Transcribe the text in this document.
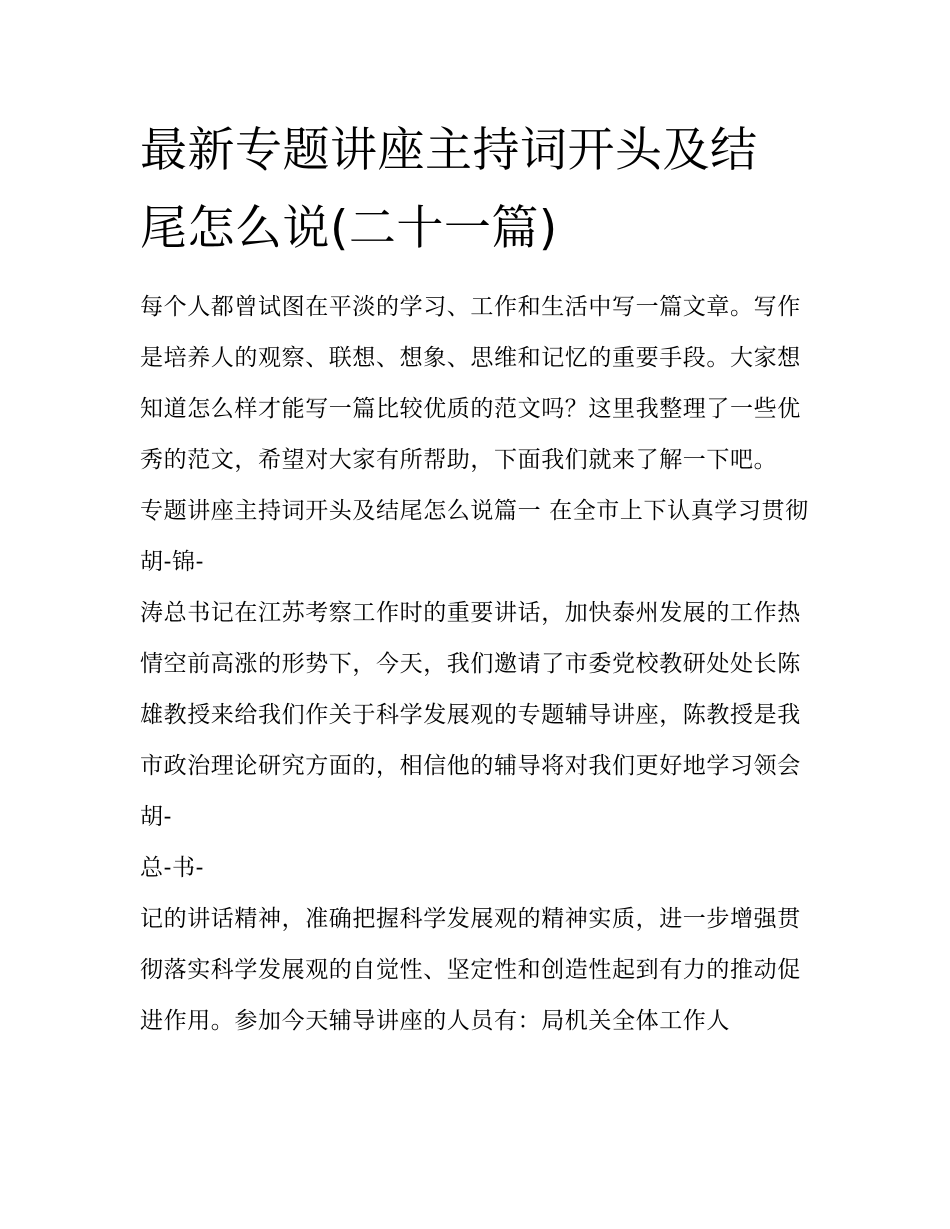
最新专题讲座主持词开头及结
尾怎么说(二十一篇)

每个人都曾试图在平淡的学习、工作和生活中写一篇文章。写作是培养人的观察、联想、想象、思维和记忆的重要手段。大家想知道怎么样才能写一篇比较优质的范文吗？这里我整理了一些优秀的范文，希望对大家有所帮助，下面我们就来了解一下吧。

专题讲座主持词开头及结尾怎么说篇一 在全市上下认真学习贯彻胡-锦-

涛总书记在江苏考察工作时的重要讲话，加快泰州发展的工作热情空前高涨的形势下，今天，我们邀请了市委党校教研处处长陈雄教授来给我们作关于科学发展观的专题辅导讲座，陈教授是我市政治理论研究方面的，相信他的辅导将对我们更好地学习领会胡-

总-书-

记的讲话精神，准确把握科学发展观的精神实质，进一步增强贯彻落实科学发展观的自觉性、坚定性和创造性起到有力的推动促进作用。参加今天辅导讲座的人员有：局机关全体工作人
